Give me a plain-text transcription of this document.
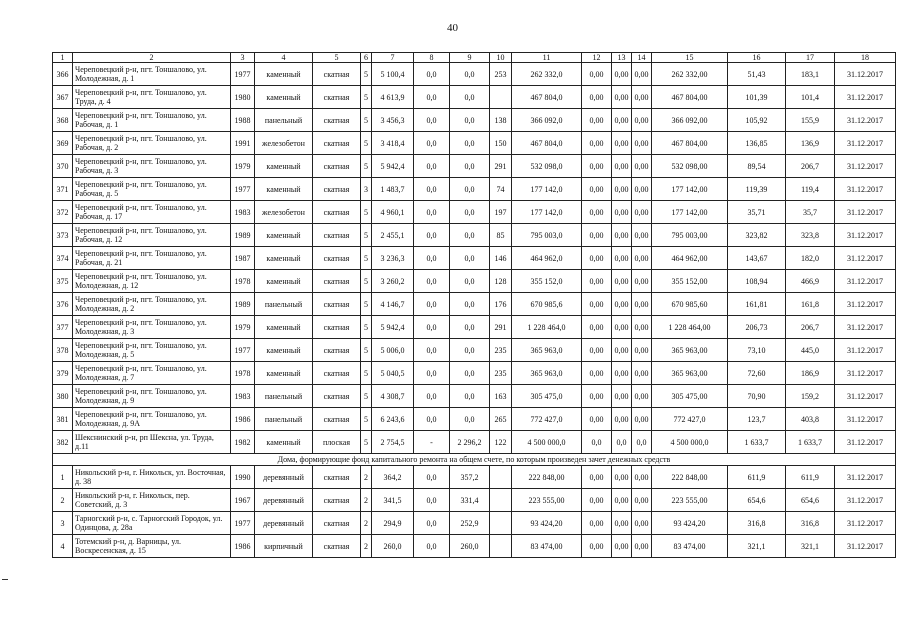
40
1	2	3	4	5	6	7	8	9	10	11	12	13	14	15	16	17	18
366	Череповецкий р-н, пгт. Тоншалово, ул. Молодежная, д. 1	1977	каменный	скатная	5	5 100,4	0,0	0,0	253	262 332,0	0,00	0,00	0,00	262 332,00	51,43	183,1	31.12.2017
367	Череповецкий р-н, пгт. Тоншалово, ул. Труда, д. 4	1980	каменный	скатная	5	4 613,9	0,0	0,0		467 804,0	0,00	0,00	0,00	467 804,00	101,39	101,4	31.12.2017
368	Череповецкий р-н, пгт. Тоншалово, ул. Рабочая, д. 1	1988	панельный	скатная	5	3 456,3	0,0	0,0	138	366 092,0	0,00	0,00	0,00	366 092,00	105,92	155,9	31.12.2017
369	Череповецкий р-н, пгт. Тоншалово, ул. Рабочая, д. 2	1991	железобетон	скатная	5	3 418,4	0,0	0,0	150	467 804,0	0,00	0,00	0,00	467 804,00	136,85	136,9	31.12.2017
370	Череповецкий р-н, пгт. Тоншалово, ул. Рабочая, д. 3	1979	каменный	скатная	5	5 942,4	0,0	0,0	291	532 098,0	0,00	0,00	0,00	532 098,00	89,54	206,7	31.12.2017
371	Череповецкий р-н, пгт. Тоншалово, ул. Рабочая, д. 5	1977	каменный	скатная	3	1 483,7	0,0	0,0	74	177 142,0	0,00	0,00	0,00	177 142,00	119,39	119,4	31.12.2017
372	Череповецкий р-н, пгт. Тоншалово, ул. Рабочая, д. 17	1983	железобетон	скатная	5	4 960,1	0,0	0,0	197	177 142,0	0,00	0,00	0,00	177 142,00	35,71	35,7	31.12.2017
373	Череповецкий р-н, пгт. Тоншалово, ул. Рабочая, д. 12	1989	каменный	скатная	5	2 455,1	0,0	0,0	85	795 003,0	0,00	0,00	0,00	795 003,00	323,82	323,8	31.12.2017
374	Череповецкий р-н, пгт. Тоншалово, ул. Рабочая, д. 21	1987	каменный	скатная	5	3 236,3	0,0	0,0	146	464 962,0	0,00	0,00	0,00	464 962,00	143,67	182,0	31.12.2017
375	Череповецкий р-н, пгт. Тоншалово, ул. Молодежная, д. 12	1978	каменный	скатная	5	3 260,2	0,0	0,0	128	355 152,0	0,00	0,00	0,00	355 152,00	108,94	466,9	31.12.2017
376	Череповецкий р-н, пгт. Тоншалово, ул. Молодежная, д. 2	1989	панельный	скатная	5	4 146,7	0,0	0,0	176	670 985,6	0,00	0,00	0,00	670 985,60	161,81	161,8	31.12.2017
377	Череповецкий р-н, пгт. Тоншалово, ул. Молодежная, д. 3	1979	каменный	скатная	5	5 942,4	0,0	0,0	291	1 228 464,0	0,00	0,00	0,00	1 228 464,00	206,73	206,7	31.12.2017
378	Череповецкий р-н, пгт. Тоншалово, ул. Молодежная, д. 5	1977	каменный	скатная	5	5 006,0	0,0	0,0	235	365 963,0	0,00	0,00	0,00	365 963,00	73,10	445,0	31.12.2017
379	Череповецкий р-н, пгт. Тоншалово, ул. Молодежная, д. 7	1978	каменный	скатная	5	5 040,5	0,0	0,0	235	365 963,0	0,00	0,00	0,00	365 963,00	72,60	186,9	31.12.2017
380	Череповецкий р-н, пгт. Тоншалово, ул. Молодежная, д. 9	1983	панельный	скатная	5	4 308,7	0,0	0,0	163	305 475,0	0,00	0,00	0,00	305 475,00	70,90	159,2	31.12.2017
381	Череповецкий р-н, пгт. Тоншалово, ул. Молодежная, д. 9А	1986	панельный	скатная	5	6 243,6	0,0	0,0	265	772 427,0	0,00	0,00	0,00	772 427,0	123,7	403,8	31.12.2017
382	Шекснинский р-н, рп Шексна, ул. Труда, д.11	1982	каменный	плоская	5	2 754,5	-	2 296,2	122	4 500 000,0	0,0	0,0	0,0	4 500 000,0	1 633,7	1 633,7	31.12.2017
Дома, формирующие фонд капитального ремонта на общем счете, по которым произведен зачет денежных средств																	
1	Никольский р-н, г. Никольск, ул. Восточная, д. 38	1990	деревянный	скатная	2	364,2	0,0	357,2		222 848,00	0,00	0,00	0,00	222 848,00	611,9	611,9	31.12.2017
2	Никольский р-н, г. Никольск, пер. Советский, д. 3	1967	деревянный	скатная	2	341,5	0,0	331,4		223 555,00	0,00	0,00	0,00	223 555,00	654,6	654,6	31.12.2017
3	Тарногский р-н, с. Тарногский Городок, ул. Одинцова, д. 28а	1977	деревянный	скатная	2	294,9	0,0	252,9		93 424,20	0,00	0,00	0,00	93 424,20	316,8	316,8	31.12.2017
4	Тотемский р-н, д. Варницы, ул. Воскресенская, д. 15	1986	кирпичный	скатная	2	260,0	0,0	260,0		83 474,00	0,00	0,00	0,00	83 474,00	321,1	321,1	31.12.2017
